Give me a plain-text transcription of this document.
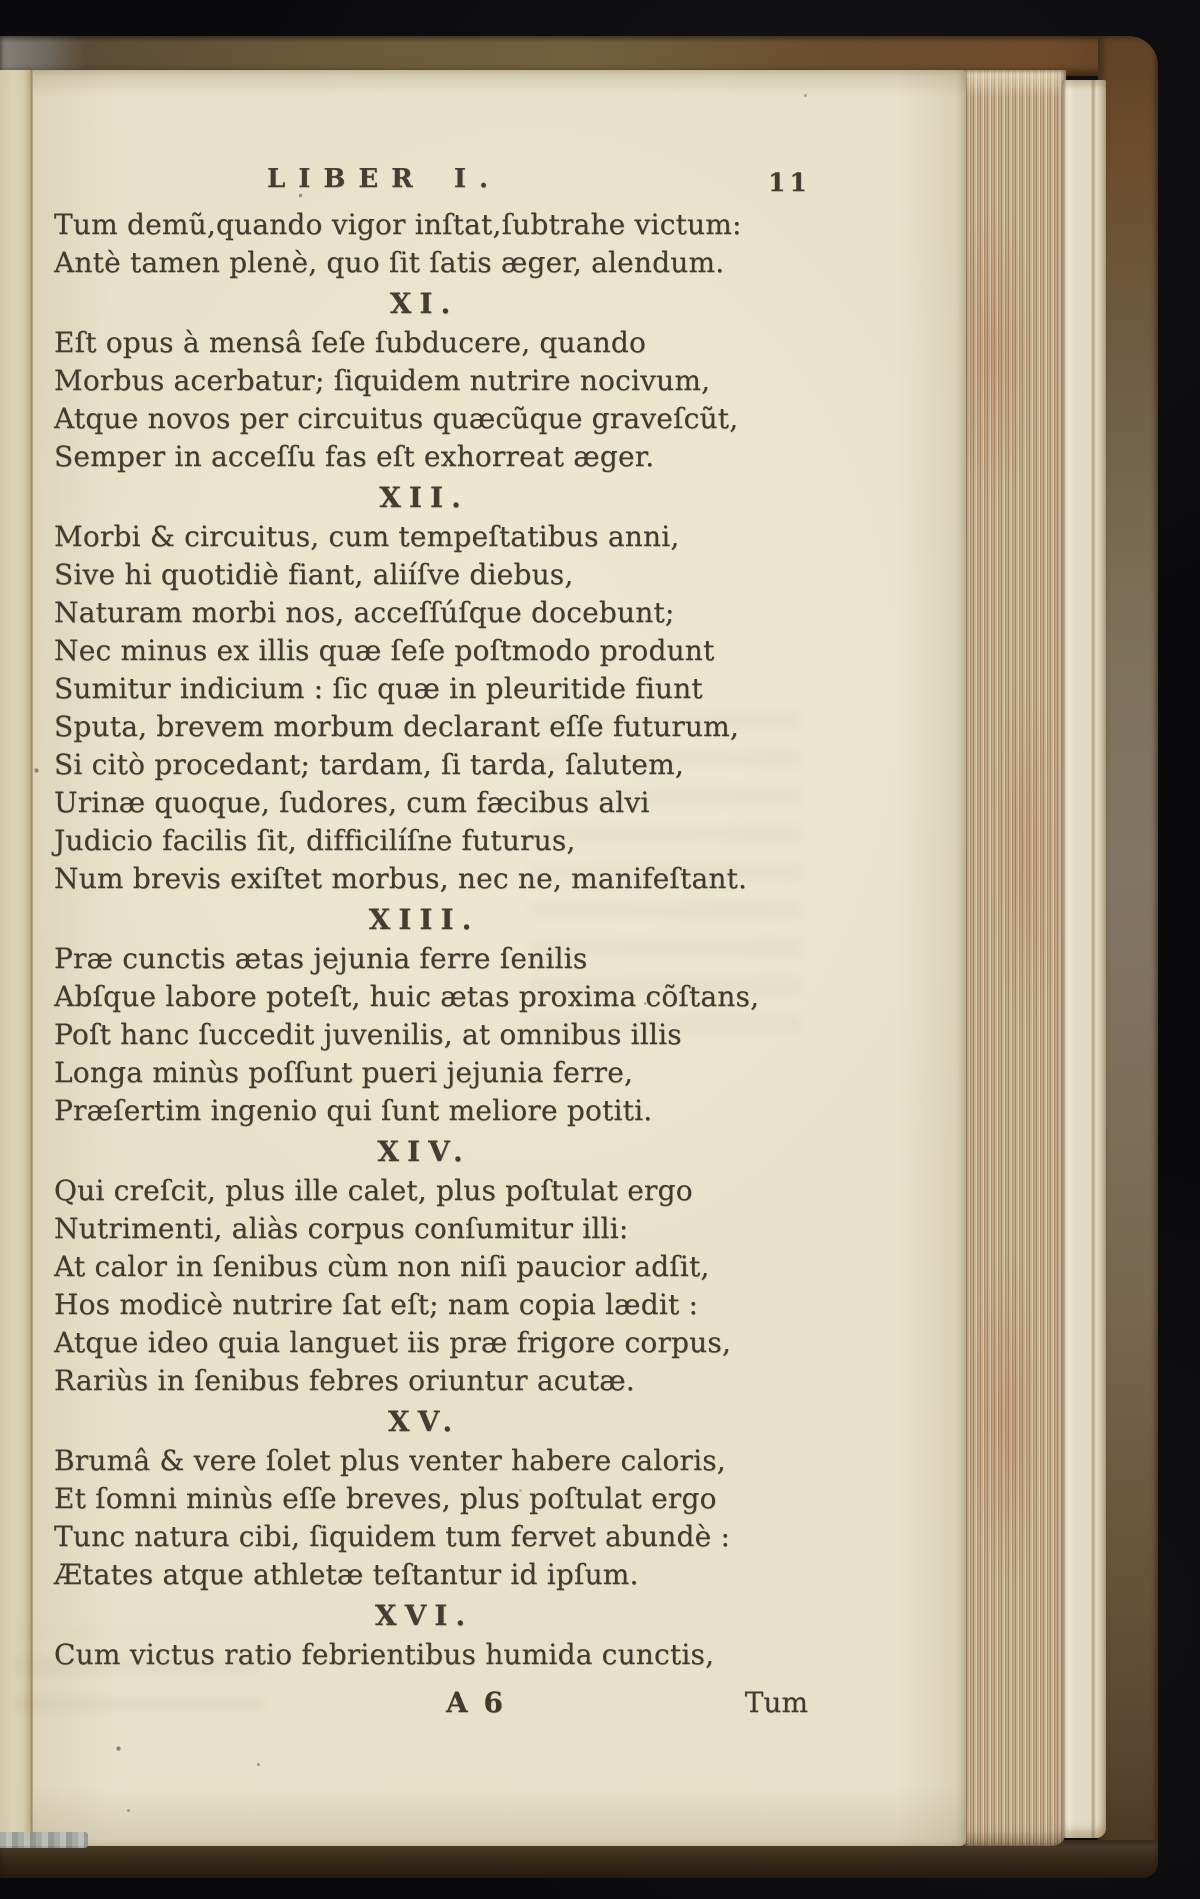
LIBER I.	11
Tum demũ,quando vigor inſtat,ſubtrahe victum:
Antè tamen plenè, quo ſit ſatis æger, alendum.
XI.
Eſt opus à mensâ ſeſe ſubducere, quando
Morbus acerbatur; ſiquidem nutrire nocivum,
Atque novos per circuitus quæcũque graveſcũt,
Semper in acceſſu fas eſt exhorreat æger.
XII.
Morbi & circuitus, cum tempeſtatibus anni,
Sive hi quotidiè fiant, aliíſve diebus,
Naturam morbi nos, acceſſúſque docebunt;
Nec minus ex illis quæ ſeſe poſtmodo produnt
Sumitur indicium : ſic quæ in pleuritide fiunt
Sputa, brevem morbum declarant eſſe futurum,
Si citò procedant; tardam, ſi tarda, ſalutem,
Urinæ quoque, ſudores, cum fæcibus alvi
Judicio facilis ſit, difficilíſne futurus,
Num brevis exiſtet morbus, nec ne, manifeſtant.
XIII.
Præ cunctis ætas jejunia ferre ſenilis
Abſque labore poteſt, huic ætas proxima cõſtans,
Poſt hanc ſuccedit juvenilis, at omnibus illis
Longa minùs poſſunt pueri jejunia ferre,
Præſertim ingenio qui ſunt meliore potiti.
XIV.
Qui creſcit, plus ille calet, plus poſtulat ergo
Nutrimenti, aliàs corpus conſumitur illi:
At calor in ſenibus cùm non niſi paucior adſit,
Hos modicè nutrire ſat eſt; nam copia lædit :
Atque ideo quia languet iis præ frigore corpus,
Rariùs in ſenibus febres oriuntur acutæ.
XV.
Brumâ & vere ſolet plus venter habere caloris,
Et ſomni minùs eſſe breves, plus poſtulat ergo
Tunc natura cibi, ſiquidem tum fervet abundè :
Ætates atque athletæ teſtantur id ipſum.
XVI.
Cum victus ratio febrientibus humida cunctis,
A 6	Tum
